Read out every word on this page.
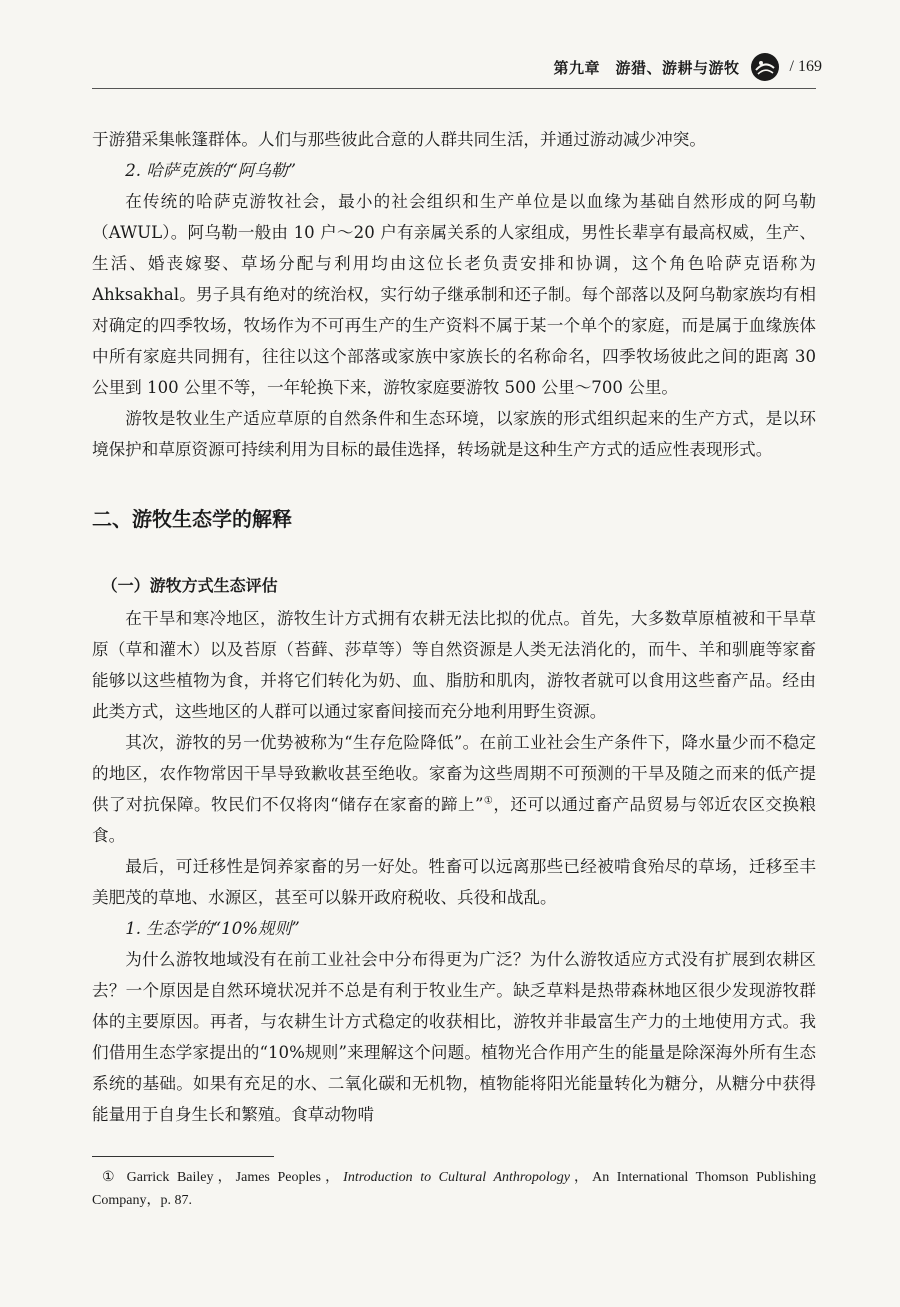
第九章　游猎、游耕与游牧	/ 169

于游猎采集帐篷群体。人们与那些彼此合意的人群共同生活，并通过游动减少冲突。

2. 哈萨克族的“阿乌勒”

在传统的哈萨克游牧社会，最小的社会组织和生产单位是以血缘为基础自然形成的阿乌勒（AWUL）。阿乌勒一般由 10 户～20 户有亲属关系的人家组成，男性长辈享有最高权威，生产、生活、婚丧嫁娶、草场分配与利用均由这位长老负责安排和协调，这个角色哈萨克语称为 Ahksakhal。男子具有绝对的统治权，实行幼子继承制和还子制。每个部落以及阿乌勒家族均有相对确定的四季牧场，牧场作为不可再生产的生产资料不属于某一个单个的家庭，而是属于血缘族体中所有家庭共同拥有，往往以这个部落或家族中家族长的名称命名，四季牧场彼此之间的距离 30 公里到 100 公里不等，一年轮换下来，游牧家庭要游牧 500 公里～700 公里。

游牧是牧业生产适应草原的自然条件和生态环境，以家族的形式组织起来的生产方式，是以环境保护和草原资源可持续利用为目标的最佳选择，转场就是这种生产方式的适应性表现形式。

二、游牧生态学的解释
（一）游牧方式生态评估

在干旱和寒冷地区，游牧生计方式拥有农耕无法比拟的优点。首先，大多数草原植被和干旱草原（草和灌木）以及苔原（苔藓、莎草等）等自然资源是人类无法消化的，而牛、羊和驯鹿等家畜能够以这些植物为食，并将它们转化为奶、血、脂肪和肌肉，游牧者就可以食用这些畜产品。经由此类方式，这些地区的人群可以通过家畜间接而充分地利用野生资源。

其次，游牧的另一优势被称为“生存危险降低”。在前工业社会生产条件下，降水量少而不稳定的地区，农作物常因干旱导致歉收甚至绝收。家畜为这些周期不可预测的干旱及随之而来的低产提供了对抗保障。牧民们不仅将肉“储存在家畜的蹄上”①，还可以通过畜产品贸易与邻近农区交换粮食。

最后，可迁移性是饲养家畜的另一好处。牲畜可以远离那些已经被啃食殆尽的草场，迁移至丰美肥茂的草地、水源区，甚至可以躲开政府税收、兵役和战乱。

1. 生态学的“10%规则”

为什么游牧地域没有在前工业社会中分布得更为广泛？为什么游牧适应方式没有扩展到农耕区去？一个原因是自然环境状况并不总是有利于牧业生产。缺乏草料是热带森林地区很少发现游牧群体的主要原因。再者，与农耕生计方式稳定的收获相比，游牧并非最富生产力的土地使用方式。我们借用生态学家提出的“10%规则”来理解这个问题。植物光合作用产生的能量是除深海外所有生态系统的基础。如果有充足的水、二氧化碳和无机物，植物能将阳光能量转化为糖分，从糖分中获得能量用于自身生长和繁殖。食草动物啃

① Garrick Bailey，James Peoples，Introduction to Cultural Anthropology，An International Thomson Publishing Company，p. 87.
